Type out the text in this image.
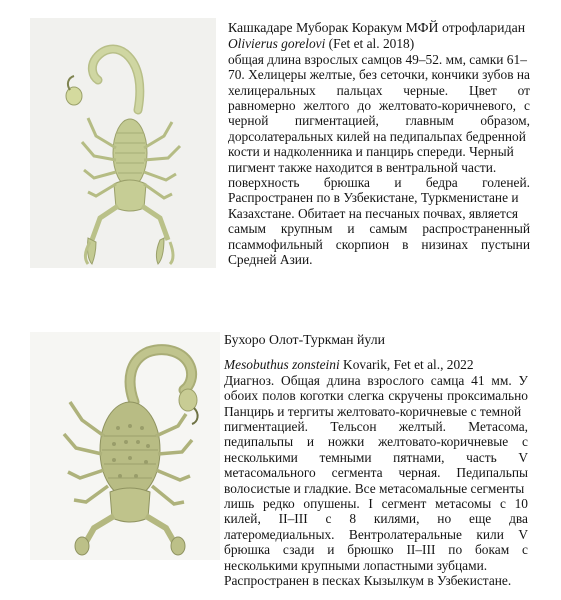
Кашкадаре Муборак Коракум МФЙ отрофларидан
Olivierus gorelovi (Fet et al. 2018)
общая длина взрослых самцов 49–52. мм, самки 61–
70. Хелицеры желтые, без сеточки, кончики зубов на
хелицеральных пальцах черные. Цвет от
равномерно желтого до желтовато-коричневого, с
черной пигментацией, главным образом,
дорсолатеральных килей на педипальпах бедренной
кости и надколенника и панцирь спереди. Черный
пигмент также находится в вентральной части.
поверхность брюшка и бедра голеней.
Распространен по в Узбекистане, Туркменистане и
Казахстане. Обитает на песчаных почвах, является
самым крупным и самым распространенный
псаммофильный скорпион в низинах пустыни
Средней Азии.
Бухоро Олот-Туркман йули
Mesobuthus zonsteini Kovarik, Fet et al., 2022
Диагноз. Общая длина взрослого самца 41 мм. У
обоих полов коготки слегка скручены проксимально
Панцирь и тергиты желтовато-коричневые с темной
пигментацией. Тельсон желтый. Метасома,
педипальпы и ножки желтовато-коричневые с
несколькими темными пятнами, часть V
метасомального сегмента черная. Педипальпы
волосистые и гладкие. Все метасомальные сегменты
лишь редко опушены. I сегмент метасомы с 10
килей, II–III с 8 килями, но еще два
латеромедиальных. Вентролатеральные кили V
брюшка сзади и брюшко II–III по бокам с
несколькими крупными лопастными зубцами.
Распространен в песках Кызылкум в Узбекистане.
